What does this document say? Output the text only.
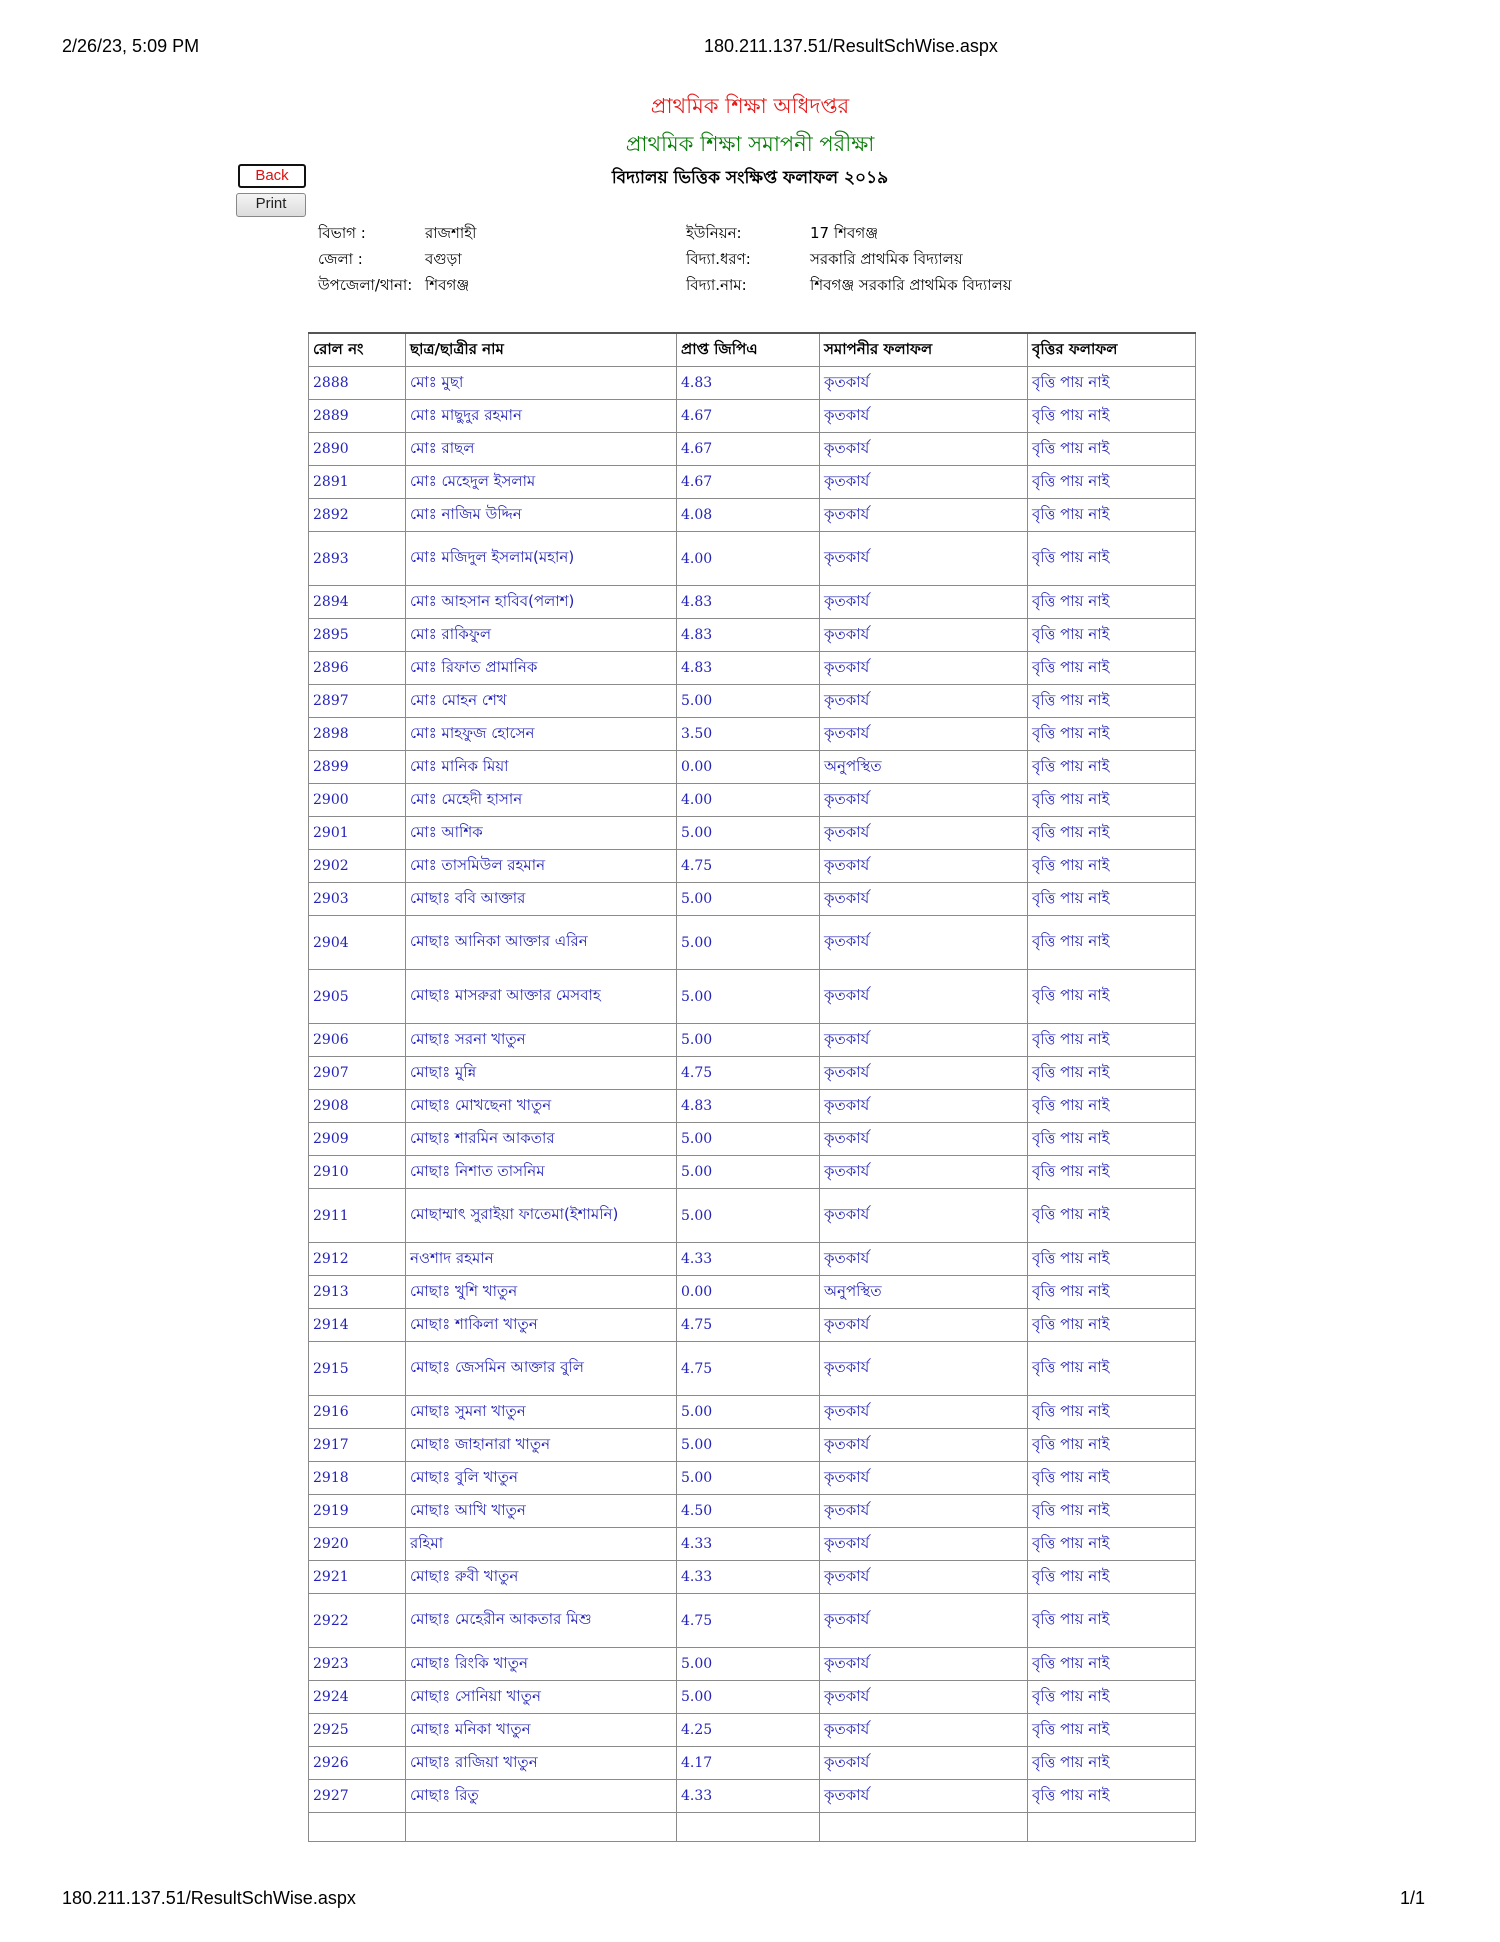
2/26/23, 5:09 PM	180.211.137.51/ResultSchWise.aspx
180.211.137.51/ResultSchWise.aspx	1/1
প্রাথমিক শিক্ষা অধিদপ্তর
প্রাথমিক শিক্ষা সমাপনী পরীক্ষা
বিদ্যালয় ভিত্তিক সংক্ষিপ্ত ফলাফল ২০১৯
Back
Print
বিভাগ :	রাজশাহী
জেলা :	বগুড়া
উপজেলা/থানা: শিবগঞ্জ
ইউনিয়ন:	17 শিবগঞ্জ
বিদ্যা.ধরণ:	সরকারি প্রাথমিক বিদ্যালয়
বিদ্যা.নাম:	শিবগঞ্জ সরকারি প্রাথমিক বিদ্যালয়
রোল নং	ছাত্র/ছাত্রীর নাম	প্রাপ্ত জিপিএ	সমাপনীর ফলাফল	বৃত্তির ফলাফল
2888	মোঃ মুছা	4.83	কৃতকার্য	বৃত্তি পায় নাই
2889	মোঃ মাছুদুর রহমান	4.67	কৃতকার্য	বৃত্তি পায় নাই
2890	মোঃ রাছল	4.67	কৃতকার্য	বৃত্তি পায় নাই
2891	মোঃ মেহেদুল ইসলাম	4.67	কৃতকার্য	বৃত্তি পায় নাই
2892	মোঃ নাজিম উদ্দিন	4.08	কৃতকার্য	বৃত্তি পায় নাই
2893	মোঃ মজিদুল ইসলাম(মহান)	4.00	কৃতকার্য	বৃত্তি পায় নাই
2894	মোঃ আহসান হাবিব(পলাশ)	4.83	কৃতকার্য	বৃত্তি পায় নাই
2895	মোঃ রাকিফুল	4.83	কৃতকার্য	বৃত্তি পায় নাই
2896	মোঃ রিফাত প্রামানিক	4.83	কৃতকার্য	বৃত্তি পায় নাই
2897	মোঃ মোহন শেখ	5.00	কৃতকার্য	বৃত্তি পায় নাই
2898	মোঃ মাহফুজ হোসেন	3.50	কৃতকার্য	বৃত্তি পায় নাই
2899	মোঃ মানিক মিয়া	0.00	অনুপস্থিত	বৃত্তি পায় নাই
2900	মোঃ মেহেদী হাসান	4.00	কৃতকার্য	বৃত্তি পায় নাই
2901	মোঃ আশিক	5.00	কৃতকার্য	বৃত্তি পায় নাই
2902	মোঃ তাসমিউল রহমান	4.75	কৃতকার্য	বৃত্তি পায় নাই
2903	মোছাঃ ববি আক্তার	5.00	কৃতকার্য	বৃত্তি পায় নাই
2904	মোছাঃ আনিকা আক্তার এরিন	5.00	কৃতকার্য	বৃত্তি পায় নাই
2905	মোছাঃ মাসরুরা আক্তার মেসবাহ	5.00	কৃতকার্য	বৃত্তি পায় নাই
2906	মোছাঃ সরনা খাতুন	5.00	কৃতকার্য	বৃত্তি পায় নাই
2907	মোছাঃ মুন্নি	4.75	কৃতকার্য	বৃত্তি পায় নাই
2908	মোছাঃ মোখছেনা খাতুন	4.83	কৃতকার্য	বৃত্তি পায় নাই
2909	মোছাঃ শারমিন আকতার	5.00	কৃতকার্য	বৃত্তি পায় নাই
2910	মোছাঃ নিশাত তাসনিম	5.00	কৃতকার্য	বৃত্তি পায় নাই
2911	মোছাম্মাৎ সুরাইয়া ফাতেমা(ইশামনি)	5.00	কৃতকার্য	বৃত্তি পায় নাই
2912	নওশাদ রহমান	4.33	কৃতকার্য	বৃত্তি পায় নাই
2913	মোছাঃ খুশি খাতুন	0.00	অনুপস্থিত	বৃত্তি পায় নাই
2914	মোছাঃ শাকিলা খাতুন	4.75	কৃতকার্য	বৃত্তি পায় নাই
2915	মোছাঃ জেসমিন আক্তার বুলি	4.75	কৃতকার্য	বৃত্তি পায় নাই
2916	মোছাঃ সুমনা খাতুন	5.00	কৃতকার্য	বৃত্তি পায় নাই
2917	মোছাঃ জাহানারা খাতুন	5.00	কৃতকার্য	বৃত্তি পায় নাই
2918	মোছাঃ বুলি খাতুন	5.00	কৃতকার্য	বৃত্তি পায় নাই
2919	মোছাঃ আখি খাতুন	4.50	কৃতকার্য	বৃত্তি পায় নাই
2920	রহিমা	4.33	কৃতকার্য	বৃত্তি পায় নাই
2921	মোছাঃ রুবী খাতুন	4.33	কৃতকার্য	বৃত্তি পায় নাই
2922	মোছাঃ মেহেরীন আকতার মিশু	4.75	কৃতকার্য	বৃত্তি পায় নাই
2923	মোছাঃ রিংকি খাতুন	5.00	কৃতকার্য	বৃত্তি পায় নাই
2924	মোছাঃ সোনিয়া খাতুন	5.00	কৃতকার্য	বৃত্তি পায় নাই
2925	মোছাঃ মনিকা খাতুন	4.25	কৃতকার্য	বৃত্তি পায় নাই
2926	মোছাঃ রাজিয়া খাতুন	4.17	কৃতকার্য	বৃত্তি পায় নাই
2927	মোছাঃ রিতু	4.33	কৃতকার্য	বৃত্তি পায় নাই
